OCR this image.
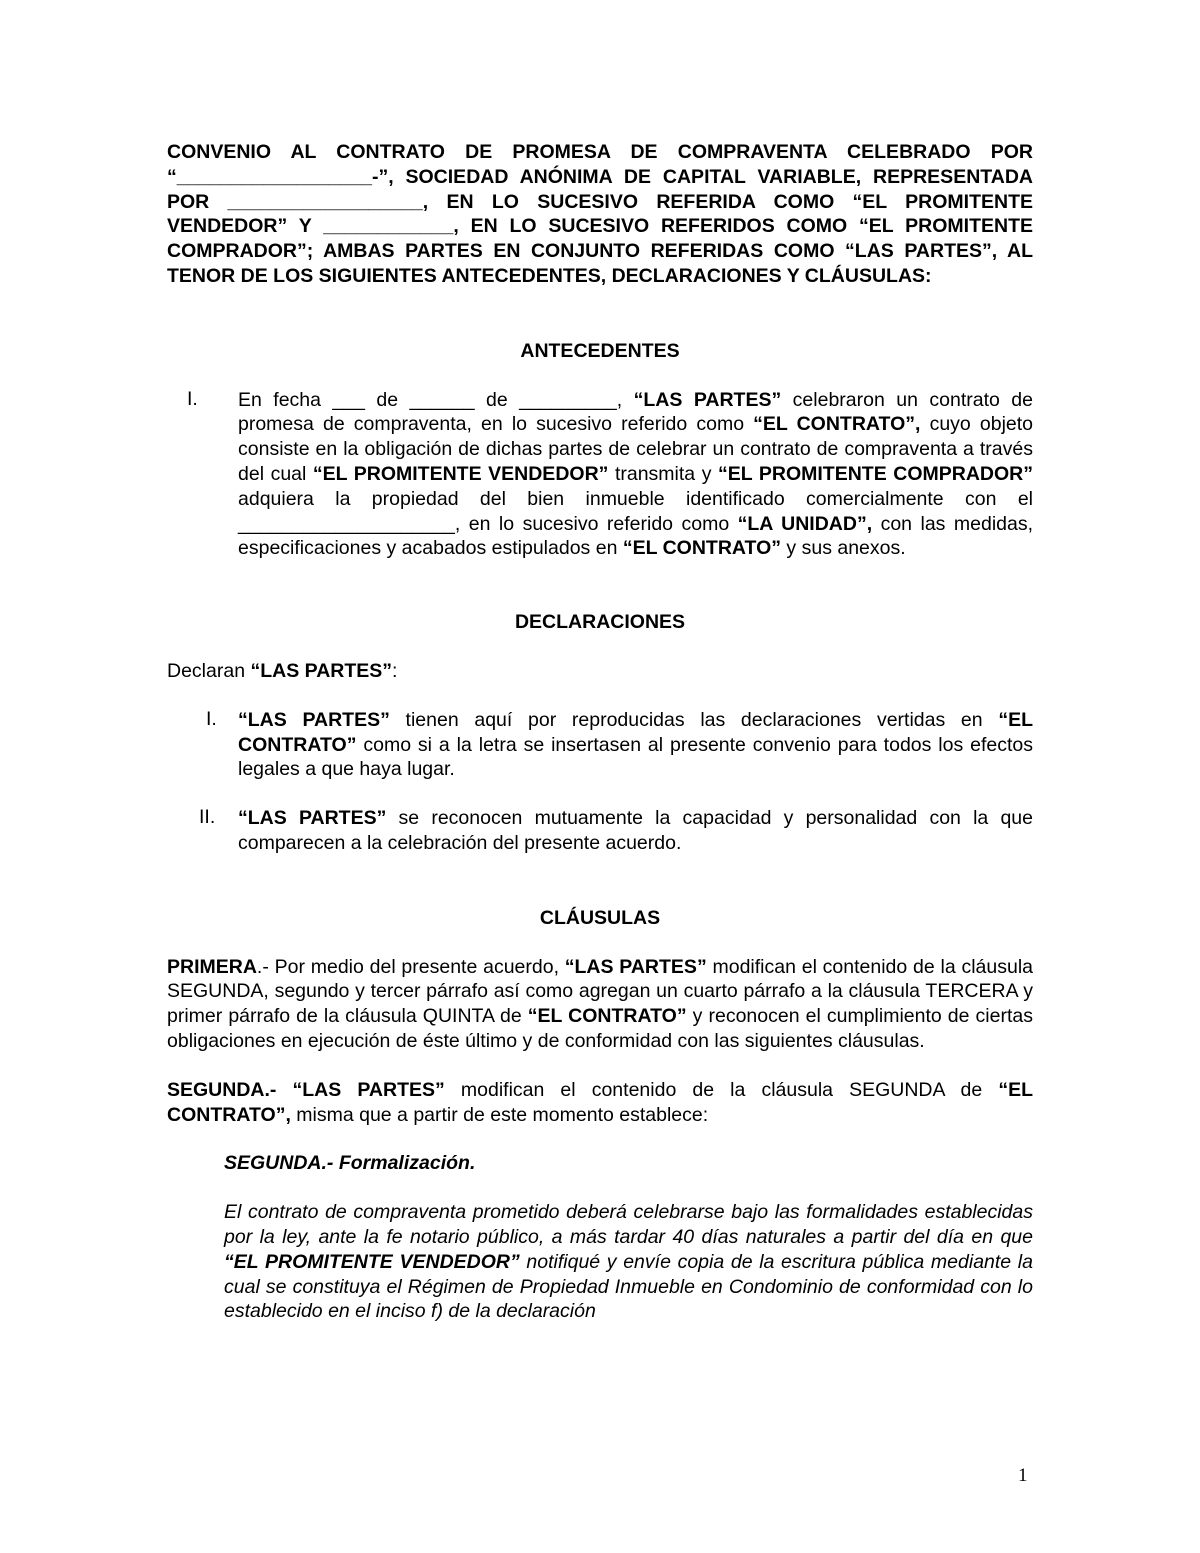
CONVENIO AL CONTRATO DE PROMESA DE COMPRAVENTA CELEBRADO POR “__________________-”, SOCIEDAD ANÓNIMA DE CAPITAL VARIABLE, REPRESENTADA POR __________________, EN LO SUCESIVO REFERIDA COMO “EL PROMITENTE VENDEDOR” Y ____________, EN LO SUCESIVO REFERIDOS COMO “EL PROMITENTE COMPRADOR”; AMBAS PARTES EN CONJUNTO REFERIDAS COMO “LAS PARTES”, AL TENOR DE LOS SIGUIENTES ANTECEDENTES, DECLARACIONES Y CLÁUSULAS:

ANTECEDENTES

I. En fecha ___ de ______ de _________, “LAS PARTES” celebraron un contrato de promesa de compraventa, en lo sucesivo referido como “EL CONTRATO”, cuyo objeto consiste en la obligación de dichas partes de celebrar un contrato de compraventa a través del cual “EL PROMITENTE VENDEDOR” transmita y “EL PROMITENTE COMPRADOR” adquiera la propiedad del bien inmueble identificado comercialmente con el ____________________, en lo sucesivo referido como “LA UNIDAD”, con las medidas, especificaciones y acabados estipulados en “EL CONTRATO” y sus anexos.

DECLARACIONES

Declaran “LAS PARTES”:

I. “LAS PARTES” tienen aquí por reproducidas las declaraciones vertidas en “EL CONTRATO” como si a la letra se insertasen al presente convenio para todos los efectos legales a que haya lugar.

II. “LAS PARTES” se reconocen mutuamente la capacidad y personalidad con la que comparecen a la celebración del presente acuerdo.

CLÁUSULAS

PRIMERA.- Por medio del presente acuerdo, “LAS PARTES” modifican el contenido de la cláusula SEGUNDA, segundo y tercer párrafo así como agregan un cuarto párrafo a la cláusula TERCERA y primer párrafo de la cláusula QUINTA de “EL CONTRATO” y reconocen el cumplimiento de ciertas obligaciones en ejecución de éste último y de conformidad con las siguientes cláusulas.

SEGUNDA.- “LAS PARTES” modifican el contenido de la cláusula SEGUNDA de “EL CONTRATO”, misma que a partir de este momento establece:

SEGUNDA.- Formalización.

El contrato de compraventa prometido deberá celebrarse bajo las formalidades establecidas por la ley, ante la fe notario público, a más tardar 40 días naturales a partir del día en que “EL PROMITENTE VENDEDOR” notifiqué y envíe copia de la escritura pública mediante la cual se constituya el Régimen de Propiedad Inmueble en Condominio de conformidad con lo establecido en el inciso f) de la declaración

1
